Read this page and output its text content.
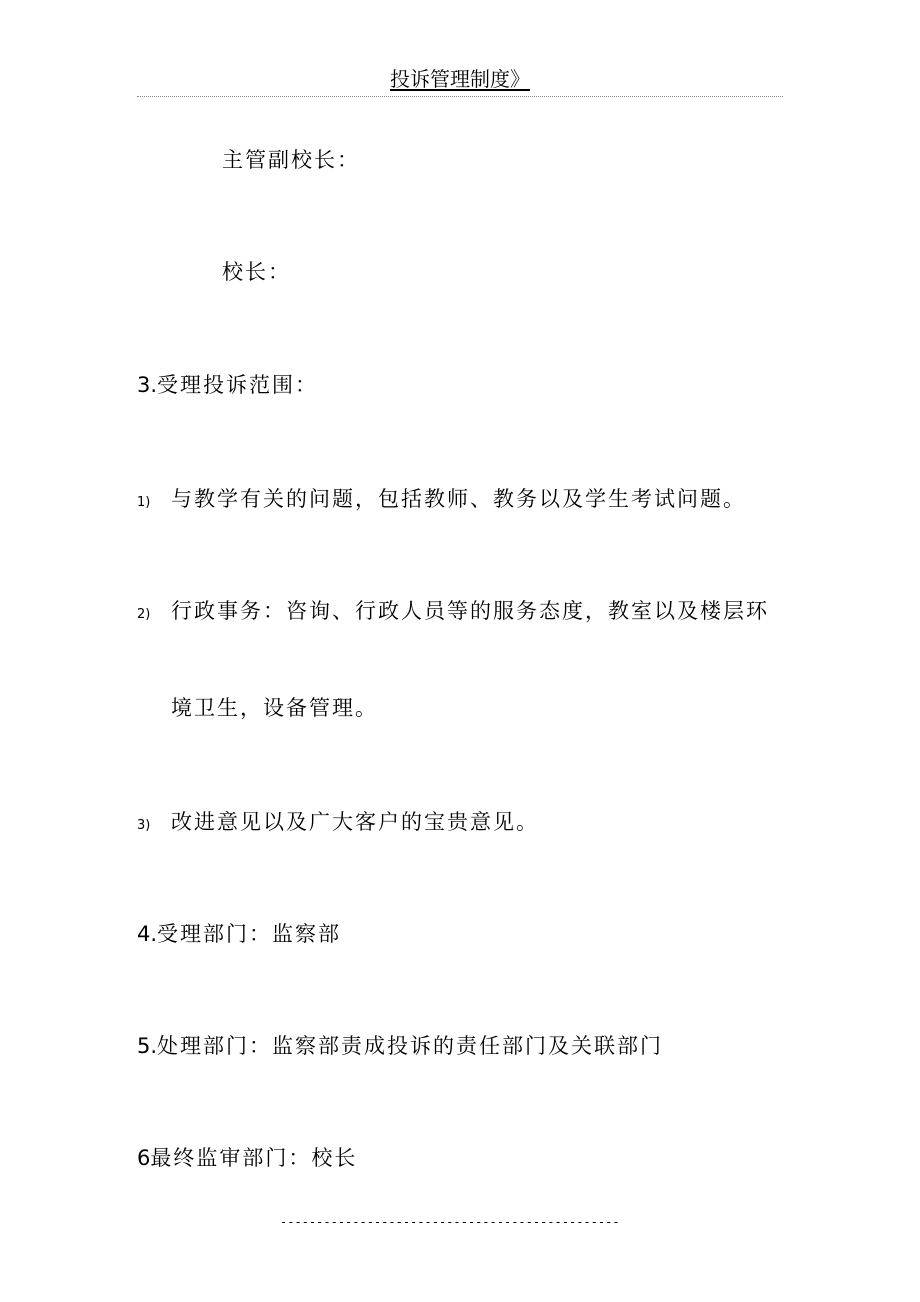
投诉管理制度》
主管副校长：
校长：
3.受理投诉范围：
1) 与教学有关的问题，包括教师、教务以及学生考试问题。
2) 行政事务：咨询、行政人员等的服务态度，教室以及楼层环
境卫生，设备管理。
3) 改进意见以及广大客户的宝贵意见。
4.受理部门：监察部
5.处理部门：监察部责成投诉的责任部门及关联部门
6最终监审部门：校长
-----------------------------------------------
